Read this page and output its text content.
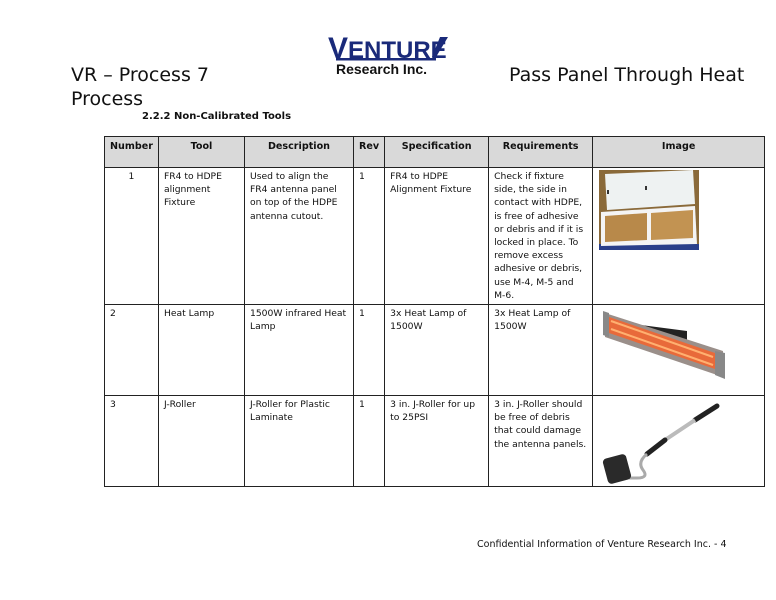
VENTURE
Research Inc.
VR – Process 7
Process
Pass Panel Through Heat
2.2.2 Non-Calibrated Tools
Number	Tool	Description	Rev	Specification	Requirements	Image
1	FR4 to HDPE alignment Fixture	Used to align the FR4 antenna panel on top of the HDPE antenna cutout.	1	FR4 to HDPE Alignment Fixture	Check if fixture side, the side in contact with HDPE, is free of adhesive or debris and if it is locked in place. To remove excess adhesive or debris, use M-4, M-5 and M-6.	

2	Heat Lamp	1500W infrared Heat Lamp	1	3x Heat Lamp of 1500W	3x Heat Lamp of 1500W	

3	J-Roller	J-Roller for Plastic Laminate	1	3 in. J-Roller for up to 25PSI	3 in. J-Roller should be free of debris that could damage the antenna panels.	
Confidential Information of Venture Research Inc. - 4
